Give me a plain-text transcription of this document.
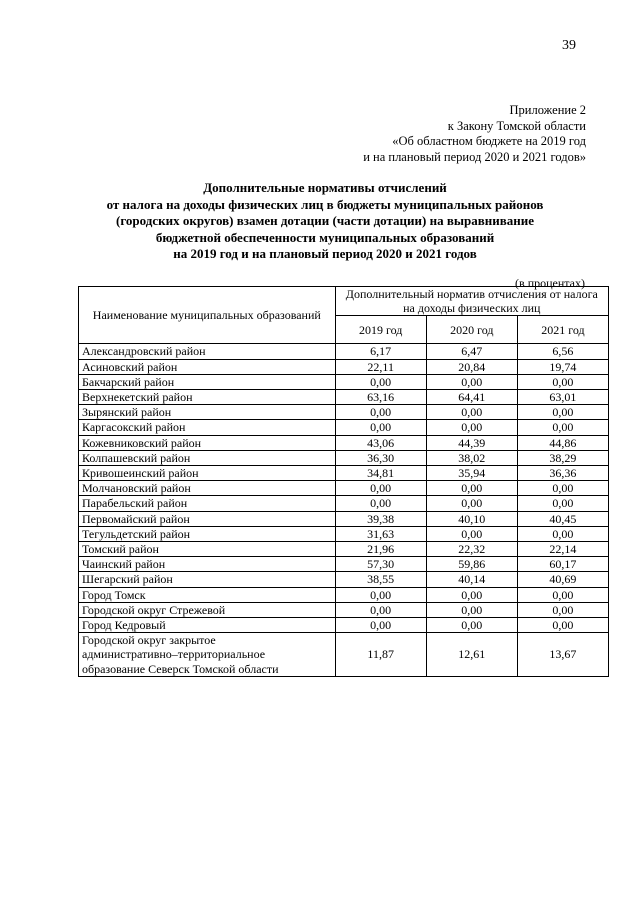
39
Приложение 2
к Закону Томской области
«Об областном бюджете на 2019 год
и на плановый период 2020 и 2021 годов»
Дополнительные нормативы отчислений
от налога на доходы физических лиц в бюджеты муниципальных районов
(городских округов) взамен дотации (части дотации) на выравнивание
бюджетной обеспеченности муниципальных образований
на 2019 год и на плановый период 2020 и 2021 годов
(в процентах)
Наименование муниципальных образований	Дополнительный норматив отчисления от налога на доходы физических лиц		
	2019 год	2020 год	2021 год
Александровский район	6,17	6,47	6,56
Асиновский район	22,11	20,84	19,74
Бакчарский район	0,00	0,00	0,00
Верхнекетский район	63,16	64,41	63,01
Зырянский район	0,00	0,00	0,00
Каргасокский район	0,00	0,00	0,00
Кожевниковский район	43,06	44,39	44,86
Колпашевский район	36,30	38,02	38,29
Кривошеинский район	34,81	35,94	36,36
Молчановский район	0,00	0,00	0,00
Парабельский район	0,00	0,00	0,00
Первомайский район	39,38	40,10	40,45
Тегульдетский район	31,63	0,00	0,00
Томский район	21,96	22,32	22,14
Чаинский район	57,30	59,86	60,17
Шегарский район	38,55	40,14	40,69
Город Томск	0,00	0,00	0,00
Городской округ Стрежевой	0,00	0,00	0,00
Город Кедровый	0,00	0,00	0,00

Городской округ закрытое
административно–территориальное
образование Северск Томской области	11,87	12,61	13,67
